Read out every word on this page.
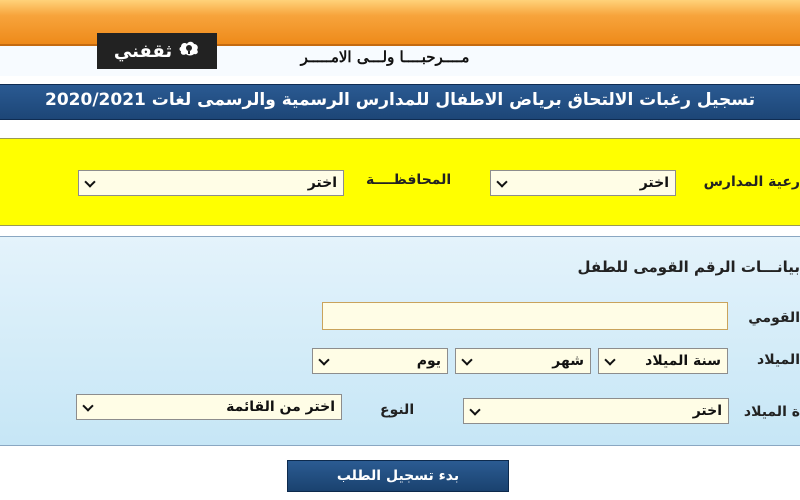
ثقفني	مــــرحبــــا ولـــى الامـــــر
تسجيل رغبات الالتحاق برياض الاطفال للمدارس الرسمية والرسمى لغات 2020/2021
رعية المدارس
اختر
المحافظــــة
اختر
بيانـــات الرقم القومى للطفل
القومي
الميلاد
سنة الميلاد
شهر
يوم
ة الميلاد
اختر
النوع
اختر من القائمة
بدء تسجيل الطلب
